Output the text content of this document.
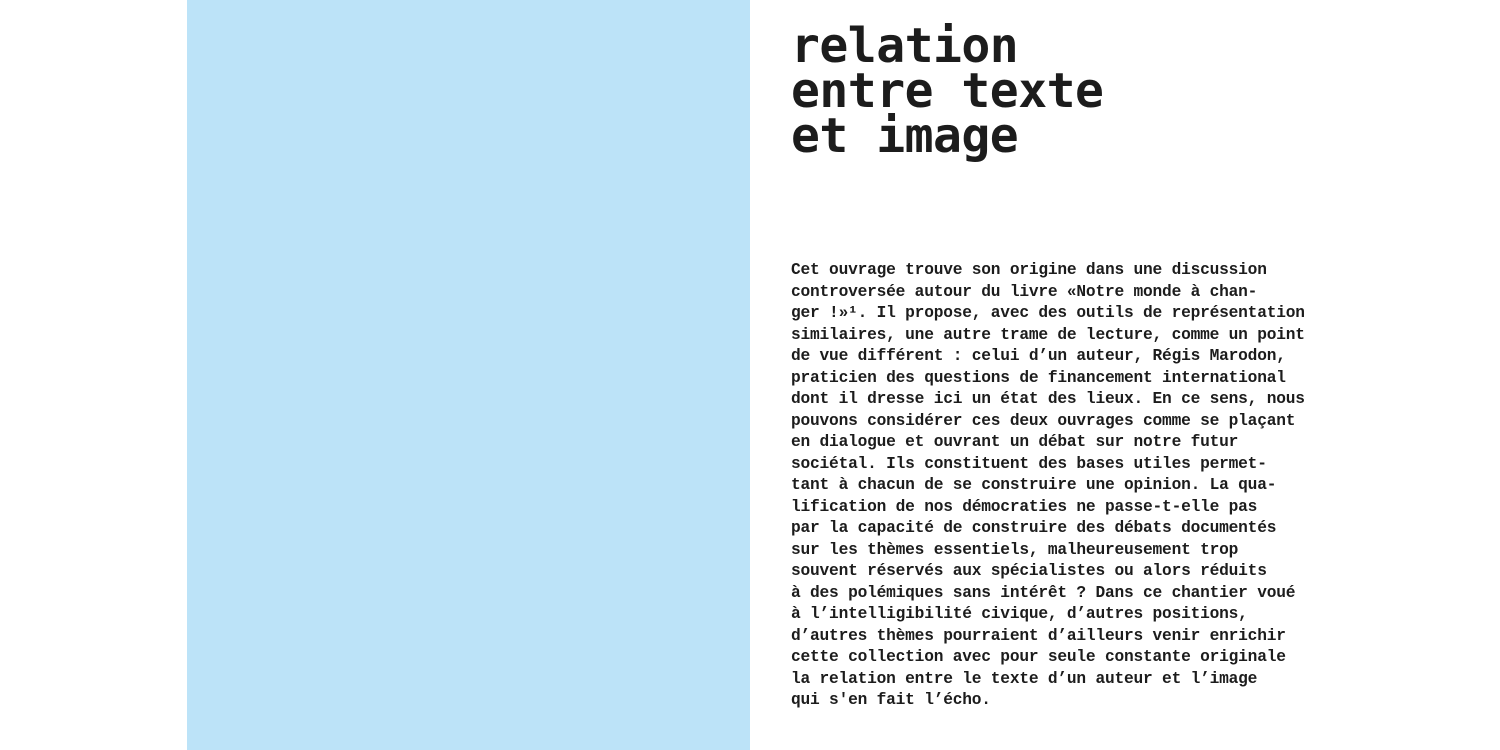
relation
entre texte
et image
Cet ouvrage trouve son origine dans une discussion
controversée autour du livre «Notre monde à chan-
ger !»¹. Il propose, avec des outils de représentation
similaires, une autre trame de lecture, comme un point
de vue différent : celui d’un auteur, Régis Marodon,
praticien des questions de financement international
dont il dresse ici un état des lieux. En ce sens, nous
pouvons considérer ces deux ouvrages comme se plaçant
en dialogue et ouvrant un débat sur notre futur
sociétal. Ils constituent des bases utiles permet-
tant à chacun de se construire une opinion. La qua-
lification de nos démocraties ne passe-t-elle pas
par la capacité de construire des débats documentés
sur les thèmes essentiels, malheureusement trop
souvent réservés aux spécialistes ou alors réduits
à des polémiques sans intérêt ? Dans ce chantier voué
à l’intelligibilité civique, d’autres positions,
d’autres thèmes pourraient d’ailleurs venir enrichir
cette collection avec pour seule constante originale
la relation entre le texte d’un auteur et l’image
qui s'en fait l’écho.
